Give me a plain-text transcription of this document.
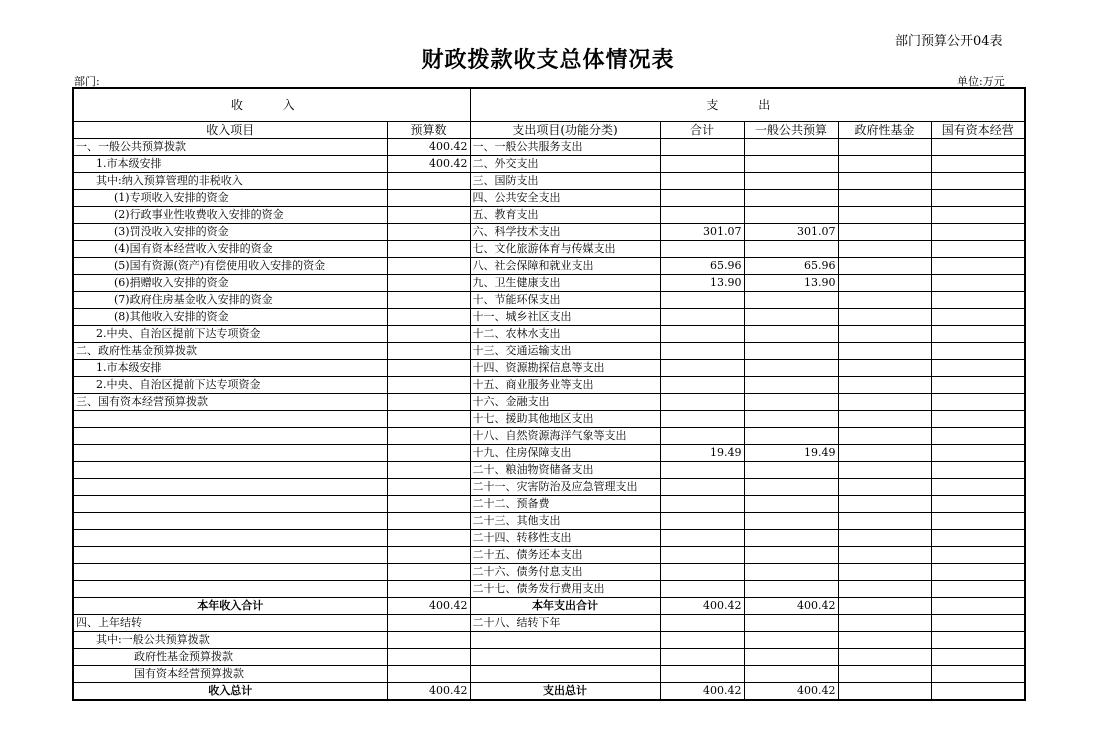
部门预算公开04表
财政拨款收支总体情况表
部门:	单位:万元
收 入		支 出				
收入项目	预算数	支出项目(功能分类)	合计	一般公共预算	政府性基金	国有资本经营
一、一般公共预算拨款	400.42	一、一般公共服务支出				
1.市本级安排	400.42	二、外交支出				
其中:纳入预算管理的非税收入		三、国防支出				
(1)专项收入安排的资金		四、公共安全支出				
(2)行政事业性收费收入安排的资金		五、教育支出				
(3)罚没收入安排的资金		六、科学技术支出	301.07	301.07		
(4)国有资本经营收入安排的资金		七、文化旅游体育与传媒支出				
(5)国有资源(资产)有偿使用收入安排的资金		八、社会保障和就业支出	65.96	65.96		
(6)捐赠收入安排的资金		九、卫生健康支出	13.90	13.90		
(7)政府住房基金收入安排的资金		十、节能环保支出				
(8)其他收入安排的资金		十一、城乡社区支出				
2.中央、自治区提前下达专项资金		十二、农林水支出				
二、政府性基金预算拨款		十三、交通运输支出				
1.市本级安排		十四、资源勘探信息等支出				
2.中央、自治区提前下达专项资金		十五、商业服务业等支出				
三、国有资本经营预算拨款		十六、金融支出				
		十七、援助其他地区支出				
		十八、自然资源海洋气象等支出				
		十九、住房保障支出	19.49	19.49		
		二十、粮油物资储备支出				
		二十一、灾害防治及应急管理支出				
		二十二、预备费				
		二十三、其他支出				
		二十四、转移性支出				
		二十五、债务还本支出				
		二十六、债务付息支出				
		二十七、债务发行费用支出				
本年收入合计	400.42	本年支出合计	400.42	400.42		
四、上年结转		二十八、结转下年				
其中:一般公共预算拨款						
政府性基金预算拨款						
国有资本经营预算拨款						
收入总计	400.42	支出总计	400.42	400.42		
